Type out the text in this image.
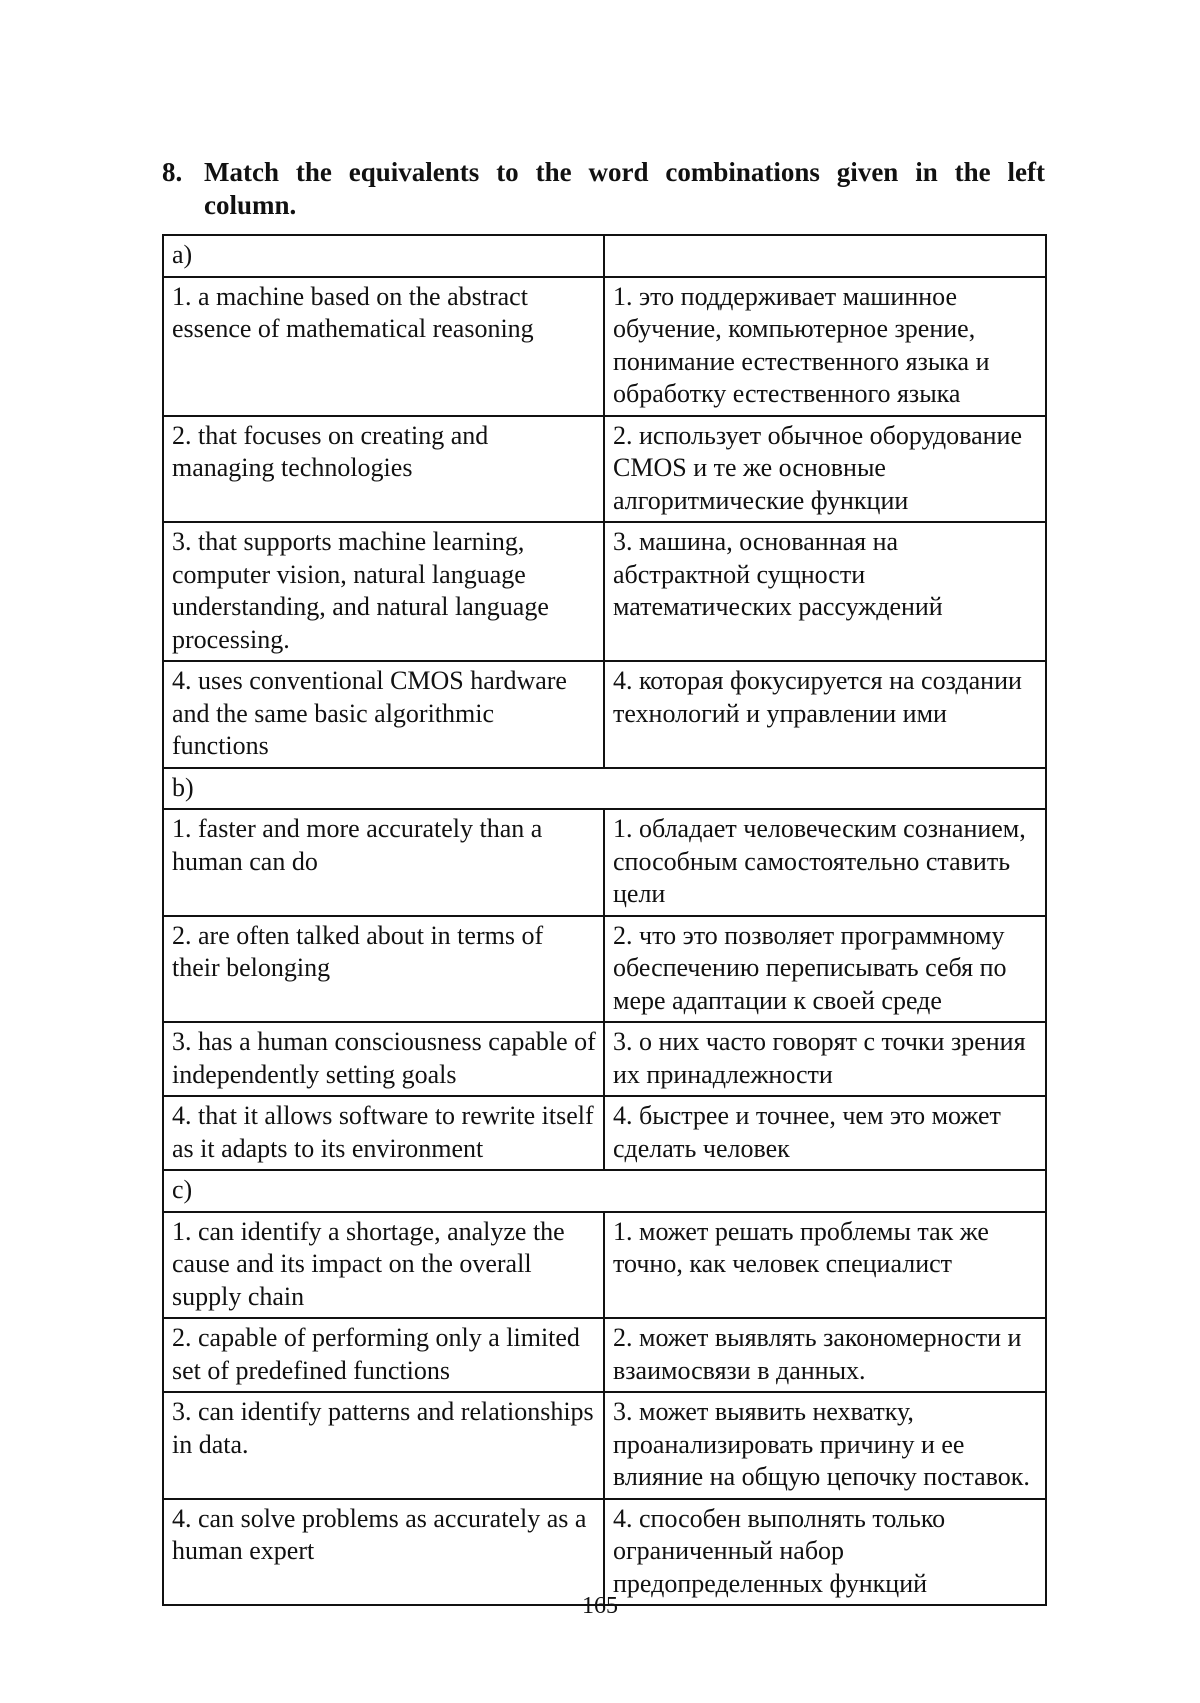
8. Match the equivalents to the word combinations given in the left
column.
a)	
1. a machine based on the abstract essence of mathematical reasoning	1. это поддерживает машинное обучение, компьютерное зрение, понимание естественного языка и обработку естественного языка
2. that focuses on creating and managing technologies	2. использует обычное оборудование CMOS и те же основные алгоритмические функции
3. that supports machine learning, computer vision, natural language understanding, and natural language processing.	3. машина, основанная на абстрактной сущности математических рассуждений
4. uses conventional CMOS hardware and the same basic algorithmic functions	4. которая фокусируется на создании технологий и управлении ими
b)	
1. faster and more accurately than a human can do	1. обладает человеческим сознанием, способным самостоятельно ставить цели
2. are often talked about in terms of their belonging	2. что это позволяет программному обеспечению переписывать себя по мере адаптации к своей среде
3. has a human consciousness capable of independently setting goals	3. о них часто говорят с точки зрения их принадлежности
4. that it allows software to rewrite itself as it adapts to its environment	4. быстрее и точнее, чем это может сделать человек
c)	
1. can identify a shortage, analyze the cause and its impact on the overall supply chain	1. может решать проблемы так же точно, как человек специалист
2. capable of performing only a limited set of predefined functions	2. может выявлять закономерности и взаимосвязи в данных.
3. can identify patterns and relationships in data.	3. может выявить нехватку, проанализировать причину и ее влияние на общую цепочку поставок.
4. can solve problems as accurately as a human expert	4. способен выполнять только ограниченный набор предопределенных функций
165
